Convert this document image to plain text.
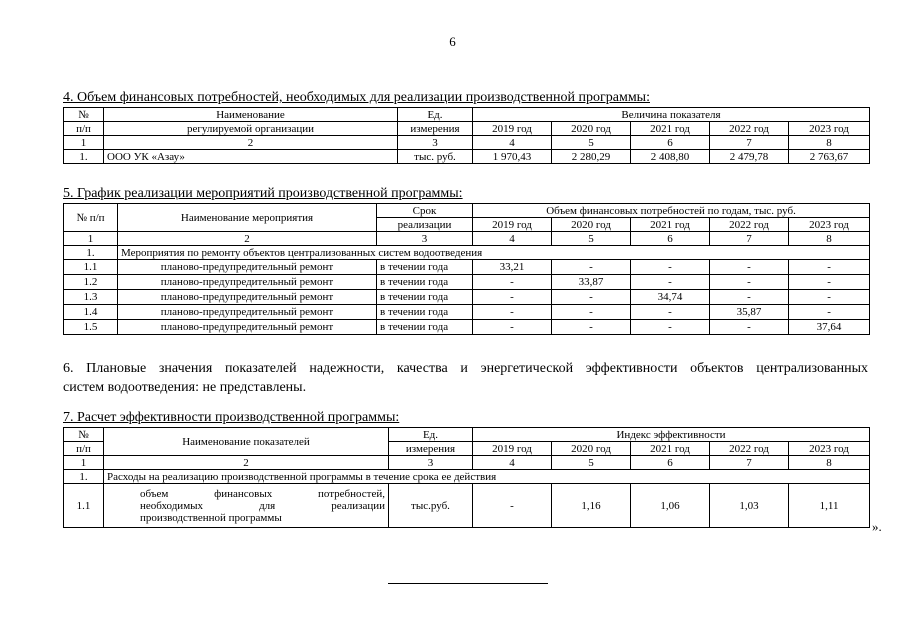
6
4. Объем финансовых потребностей, необходимых для реализации производственной программы:
№	Наименование	Ед.	Величина показателя				
п/п	регулируемой организации	измерения	2019 год	2020 год	2021 год	2022 год	2023 год
1	2	3	4	5	6	7	8
1.	ООО УК «Азау»	тыс. руб.	1 970,43	2 280,29	2 408,80	2 479,78	2 763,67
5. График реализации мероприятий производственной программы:
№ п/п	Наименование мероприятия	Срок	Объем финансовых потребностей по годам, тыс. руб.				
		реализации	2019 год	2020 год	2021 год	2022 год	2023 год
1	2	3	4	5	6	7	8
1.	Мероприятия по ремонту объектов централизованных систем водоотведения						
1.1	планово-предупредительный ремонт	в течении года	33,21	-	-	-	-
1.2	планово-предупредительный ремонт	в течении года	-	33,87	-	-	-
1.3	планово-предупредительный ремонт	в течении года	-	-	34,74	-	-
1.4	планово-предупредительный ремонт	в течении года	-	-	-	35,87	-
1.5	планово-предупредительный ремонт	в течении года	-	-	-	-	37,64
6. Плановые значения показателей надежности, качества и энергетической эффективности объектов централизованных
систем водоотведения: не представлены.
7. Расчет эффективности производственной программы:
№	Наименование показателей	Ед.	Индекс эффективности				
п/п		измерения	2019 год	2020 год	2021 год	2022 год	2023 год
1	2	3	4	5	6	7	8
1.	Расходы на реализацию производственной программы в течение срока ее действия						
1.1	объем финансовых потребностей,
необходимых для реализации
производственной программы	тыс.руб.	-	1,16	1,06	1,03	1,11
».
